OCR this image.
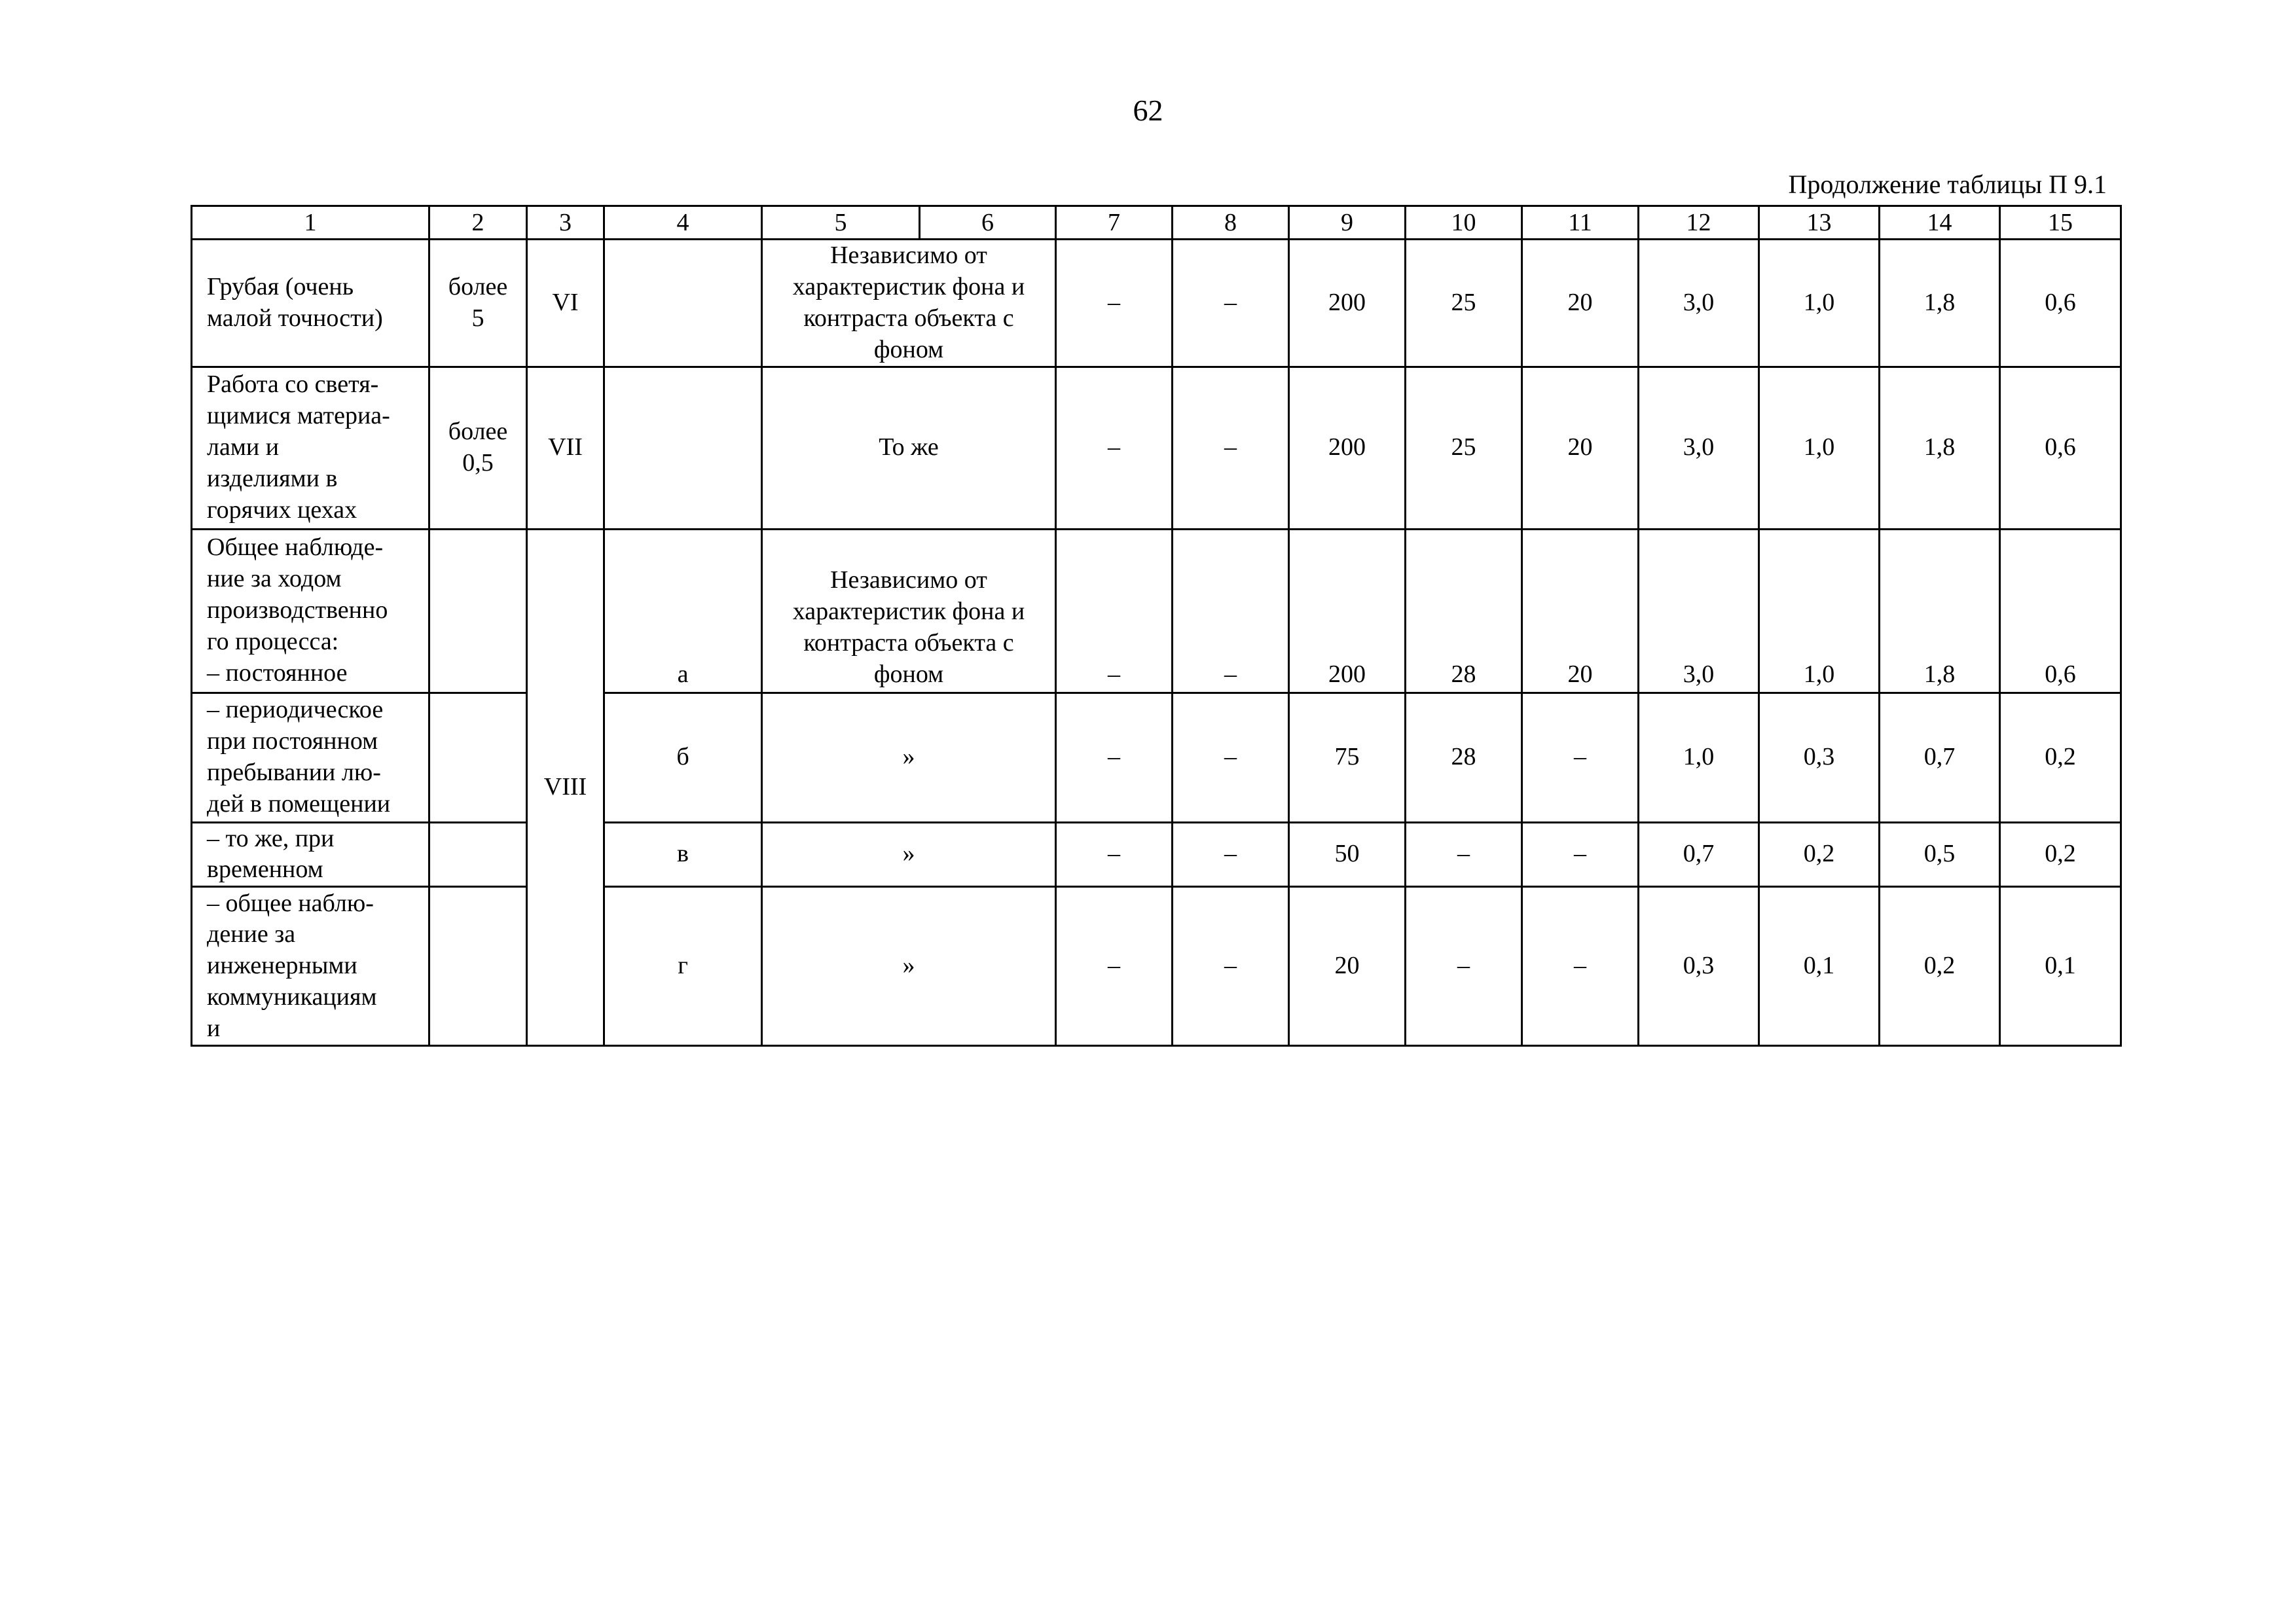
62
Продолжение таблицы П 9.1
1	2	3	4	5	6	7	8	9	10	11	12	13	14	15
Грубая (очень
малой точности)	более
5	VI		Независимо от
характеристик фона и
контраста объекта с
фоном		–	–	200	25	20	3,0	1,0	1,8	0,6
Работа со светя-
щимися материа-
лами и
изделиями в
горячих цехах	более
0,5	VII		То же		–	–	200	25	20	3,0	1,0	1,8	0,6
Общее наблюде-
ние за ходом
производственно
го процесса:
– постоянное		VIII	а	Независимо от
характеристик фона и
контраста объекта с
фоном		–	–	200	28	20	3,0	1,0	1,8	0,6
– периодическое
при постоянном
пребывании лю-
дей в помещении			б	»		–	–	75	28	–	1,0	0,3	0,7	0,2
– то же, при
временном			в	»		–	–	50	–	–	0,7	0,2	0,5	0,2
– общее наблю-
дение за
инженерными
коммуникациям
и			г	»		–	–	20	–	–	0,3	0,1	0,2	0,1
